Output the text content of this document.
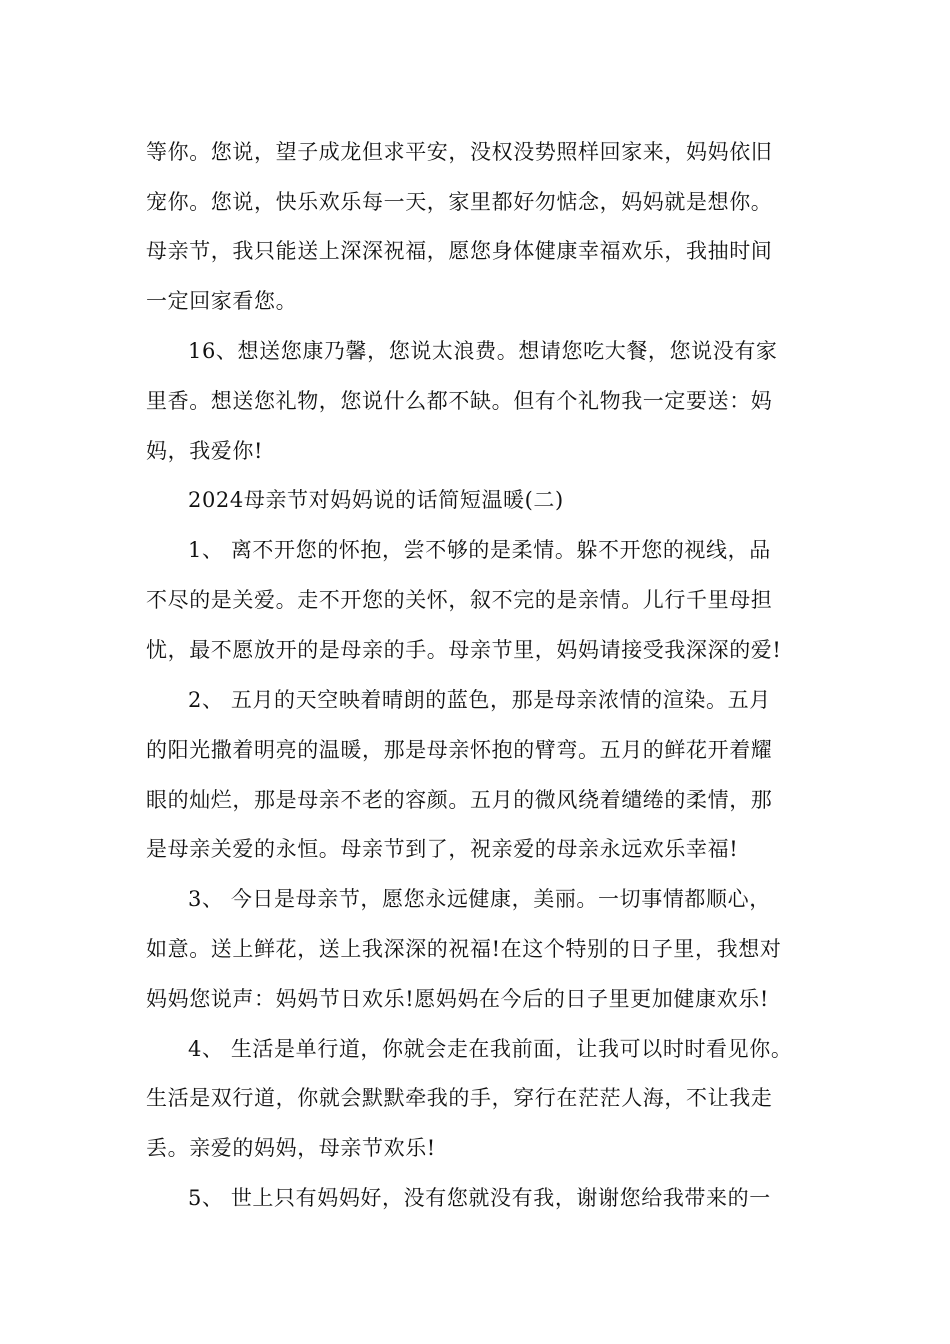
等你。您说，望子成龙但求平安，没权没势照样回家来，妈妈依旧
宠你。您说，快乐欢乐每一天，家里都好勿惦念，妈妈就是想你。
母亲节，我只能送上深深祝福，愿您身体健康幸福欢乐，我抽时间
一定回家看您。
16、想送您康乃馨，您说太浪费。想请您吃大餐，您说没有家
里香。想送您礼物，您说什么都不缺。但有个礼物我一定要送：妈
妈，我爱你!
2024母亲节对妈妈说的话简短温暖(二)
1、 离不开您的怀抱，尝不够的是柔情。躲不开您的视线，品
不尽的是关爱。走不开您的关怀，叙不完的是亲情。儿行千里母担
忧，最不愿放开的是母亲的手。母亲节里，妈妈请接受我深深的爱!
2、 五月的天空映着晴朗的蓝色，那是母亲浓情的渲染。五月
的阳光撒着明亮的温暖，那是母亲怀抱的臂弯。五月的鲜花开着耀
眼的灿烂，那是母亲不老的容颜。五月的微风绕着缱绻的柔情，那
是母亲关爱的永恒。母亲节到了，祝亲爱的母亲永远欢乐幸福!
3、 今日是母亲节，愿您永远健康，美丽。一切事情都顺心，
如意。送上鲜花，送上我深深的祝福!在这个特别的日子里，我想对
妈妈您说声：妈妈节日欢乐!愿妈妈在今后的日子里更加健康欢乐!
4、 生活是单行道，你就会走在我前面，让我可以时时看见你。
生活是双行道，你就会默默牵我的手，穿行在茫茫人海，不让我走
丢。亲爱的妈妈，母亲节欢乐!
5、 世上只有妈妈好，没有您就没有我，谢谢您给我带来的一
